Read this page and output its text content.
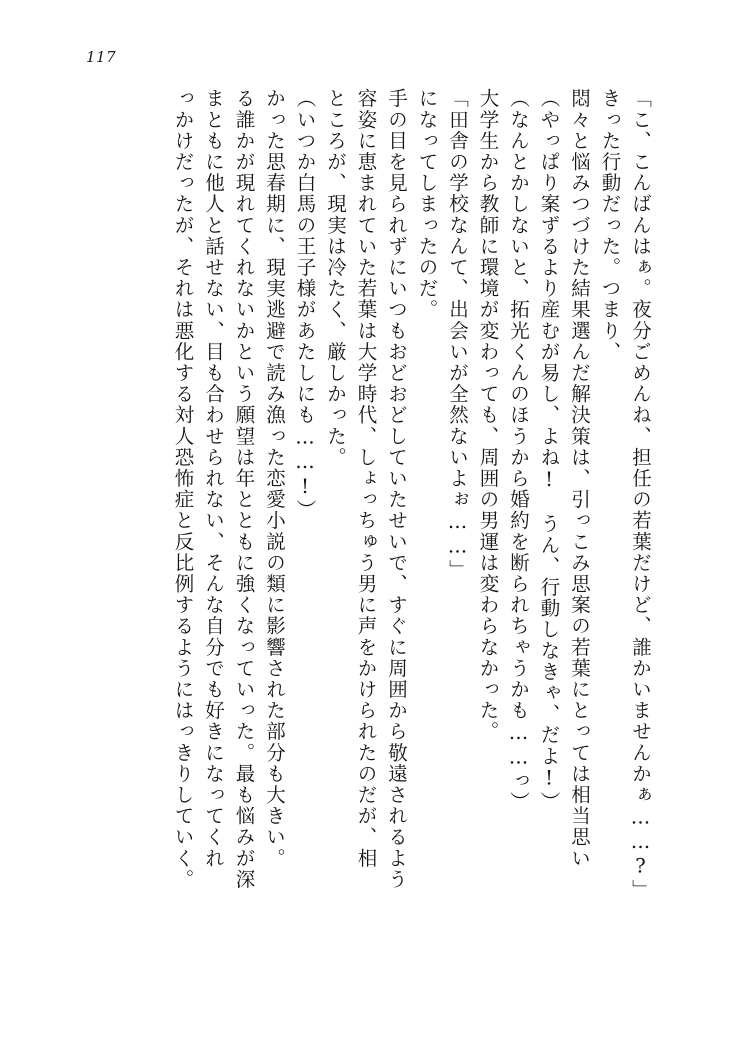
117
っかけだったが、それは悪化する対人恐怖症と反比例するようにはっきりしていく。 まともに他人と話せない、目も合わせられない、そんな自分でも好きになってくれ る誰かが現れてくれないかという願望は年とともに強くなっていった。最も悩みが深 かった思春期に、現実逃避で読み漁った恋愛小説の類に影響された部分も大きい。 （いつか白馬の王子様があたしにも……!） ところが、現実は冷たく、厳しかった。 容姿に恵まれていた若葉は大学時代、しょっちゅう男に声をかけられたのだが、相 手の目を見られずにいつもおどおどしていたせいで、すぐに周囲から敬遠されるよう になってしまったのだ。 「田舎の学校なんて、出会いが全然ないよぉ……」 大学生から教師に環境が変わっても、周囲の男運は変わらなかった。 （なんとかしないと、拓光くんのほうから婚約を断られちゃうかも……っ） （やっぱり案ずるより産むが易し、よね!　うん、行動しなきゃ、だよ!） 悶々と悩みつづけた結果選んだ解決策は、引っこみ思案の若葉にとっては相当思い きった行動だった。つまり、 「こ、こんばんはぁ。夜分ごめんね、担任の若葉だけど、誰かいませんかぁ……?」
